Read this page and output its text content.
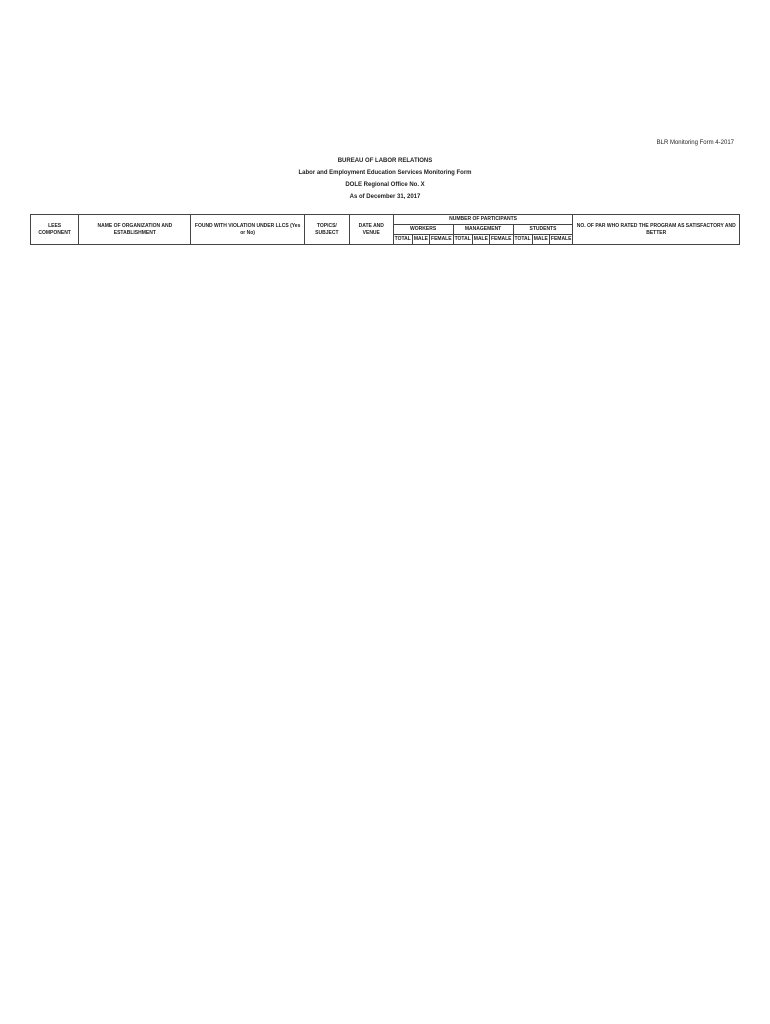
BLR Monitoring Form 4-2017
BUREAU OF LABOR RELATIONS
Labor and Employment Education Services Monitoring Form
DOLE Regional Office No. X
As of December 31, 2017
LEES COMPONENT	NAME OF ORGANIZATION AND ESTABLISHMENT	FOUND WITH VIOLATION UNDER LLCS (Yes or No)	TOPICS/ SUBJECT	DATE AND VENUE	NUMBER OF PARTICIPANTS									NO. OF PAR WHO RATED THE PROGRAM AS SATISFACTORY AND BETTER
					WORKERS			MANAGEMENT			STUDENTS			
					TOTAL	MALE	FEMALE	TOTAL	MALE	FEMALE	TOTAL	MALE	FEMALE	
